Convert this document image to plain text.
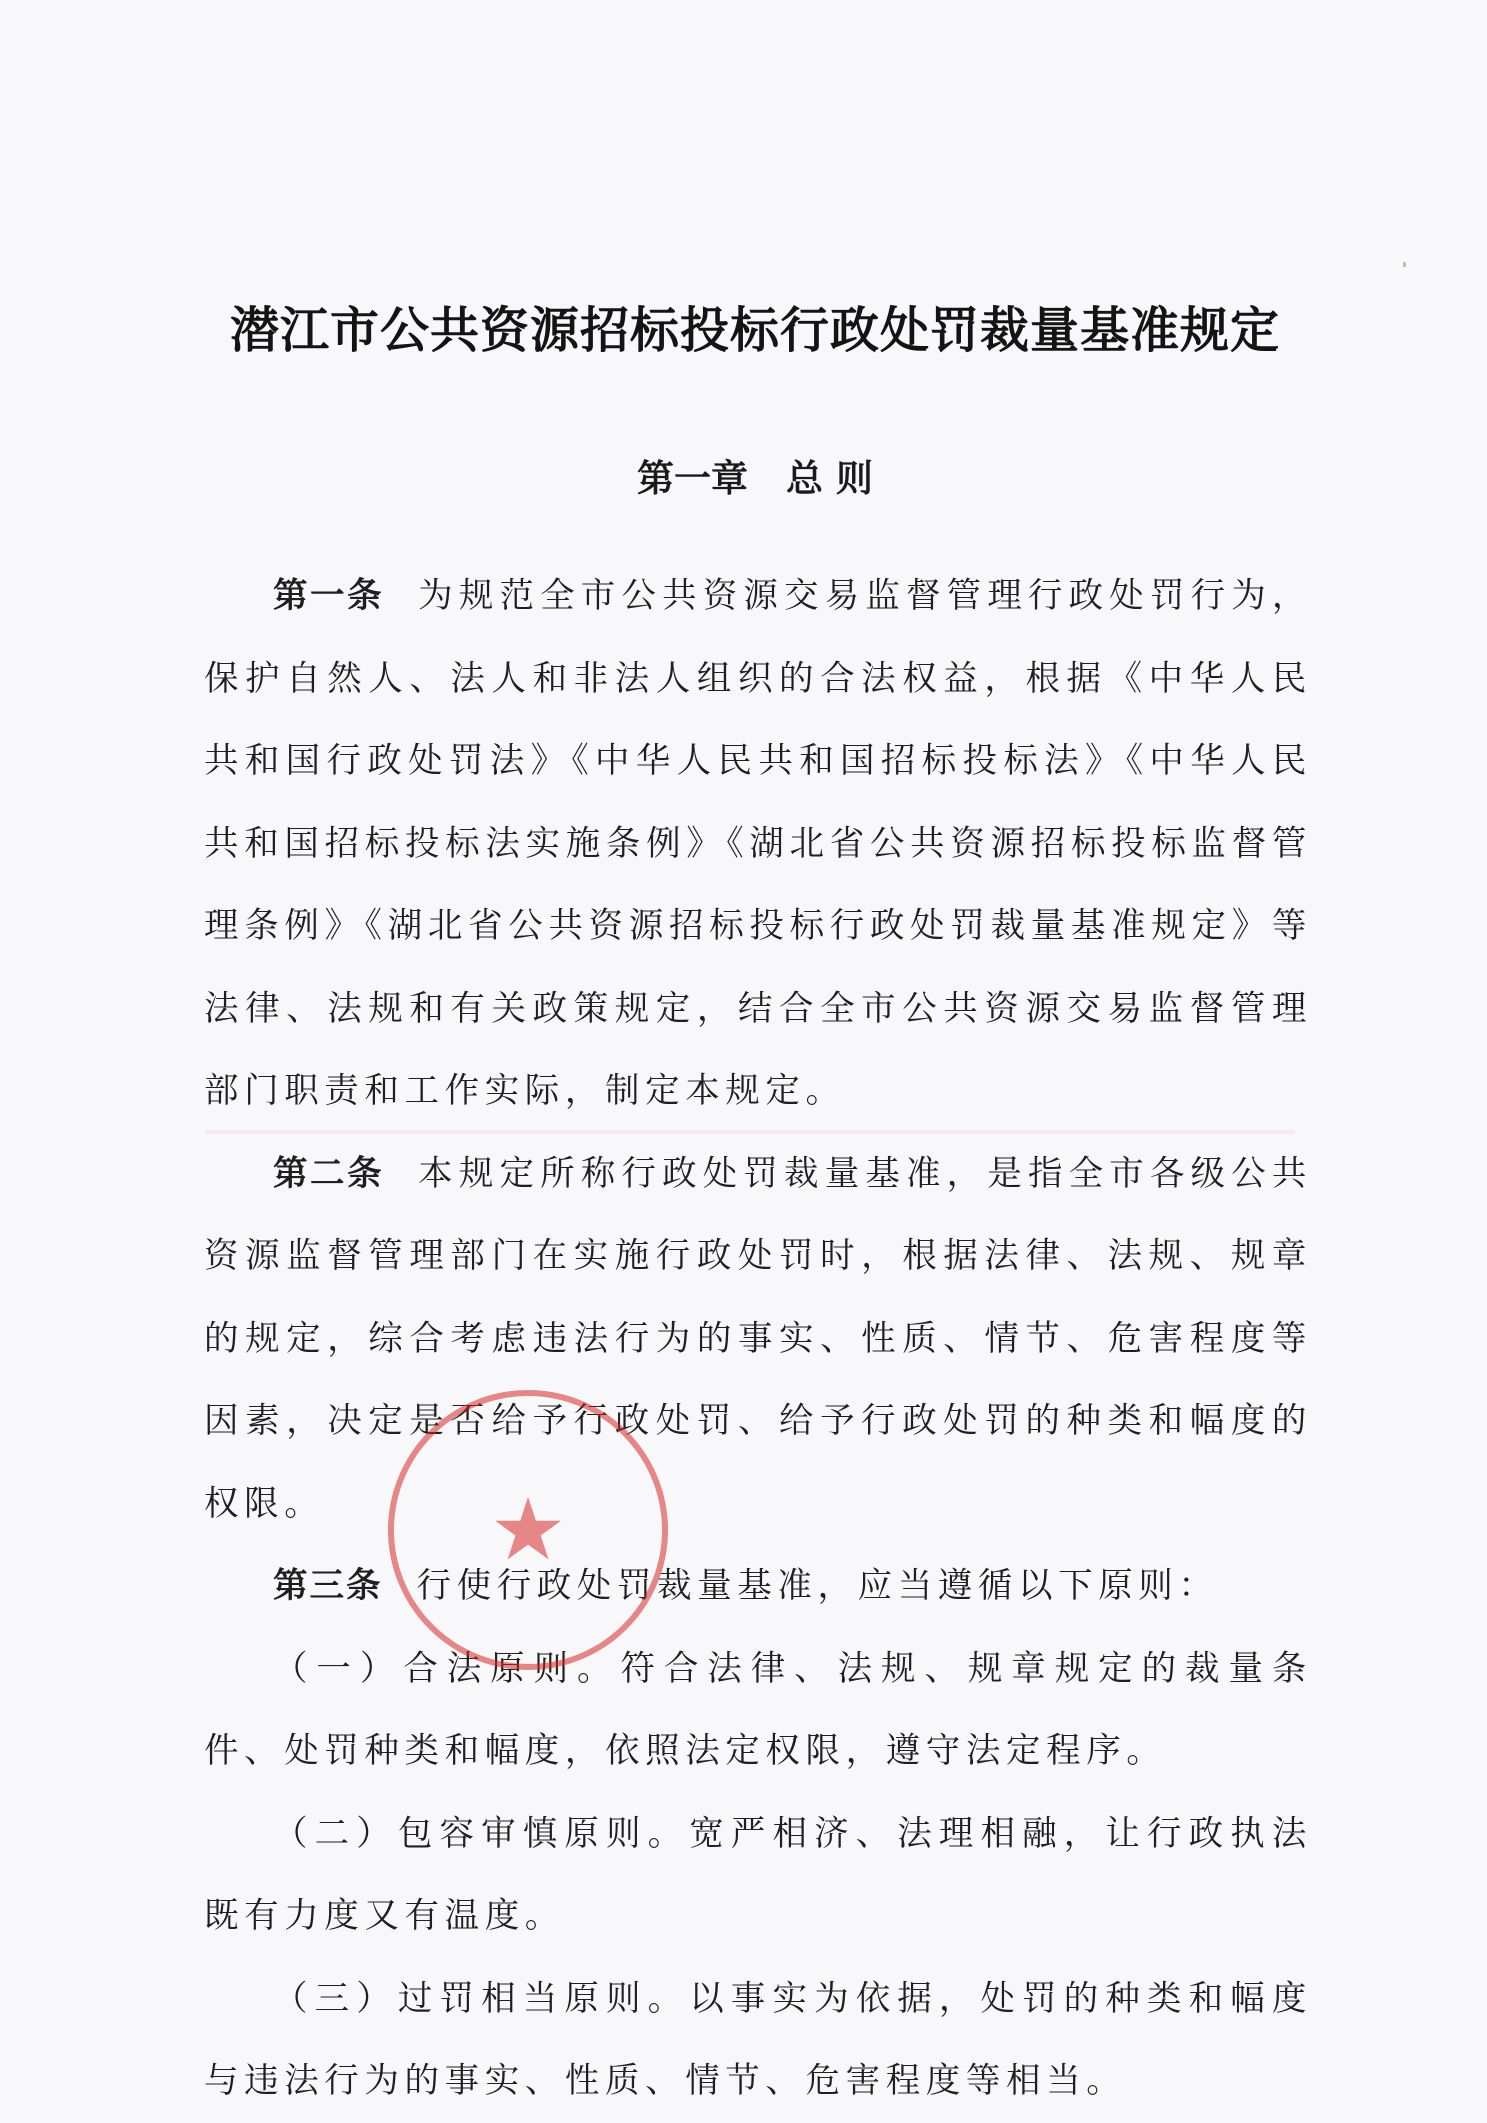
潜江市公共资源招标投标行政处罚裁量基准规定
第一章 总 则

第一条 为规范全市公共资源交易监督管理行政处罚行为，保护自然人、法人和非法人组织的合法权益，根据《中华人民共和国行政处罚法》《中华人民共和国招标投标法》《中华人民共和国招标投标法实施条例》《湖北省公共资源招标投标监督管理条例》《湖北省公共资源招标投标行政处罚裁量基准规定》等法律、法规和有关政策规定，结合全市公共资源交易监督管理部门职责和工作实际，制定本规定。

第二条 本规定所称行政处罚裁量基准，是指全市各级公共资源监督管理部门在实施行政处罚时，根据法律、法规、规章的规定，综合考虑违法行为的事实、性质、情节、危害程度等因素，决定是否给予行政处罚、给予行政处罚的种类和幅度的权限。

第三条 行使行政处罚裁量基准，应当遵循以下原则：

（一）合法原则。符合法律、法规、规章规定的裁量条件、处罚种类和幅度，依照法定权限，遵守法定程序。

（二）包容审慎原则。宽严相济、法理相融，让行政执法既有力度又有温度。

（三）过罚相当原则。以事实为依据，处罚的种类和幅度与违法行为的事实、性质、情节、危害程度等相当。

★
